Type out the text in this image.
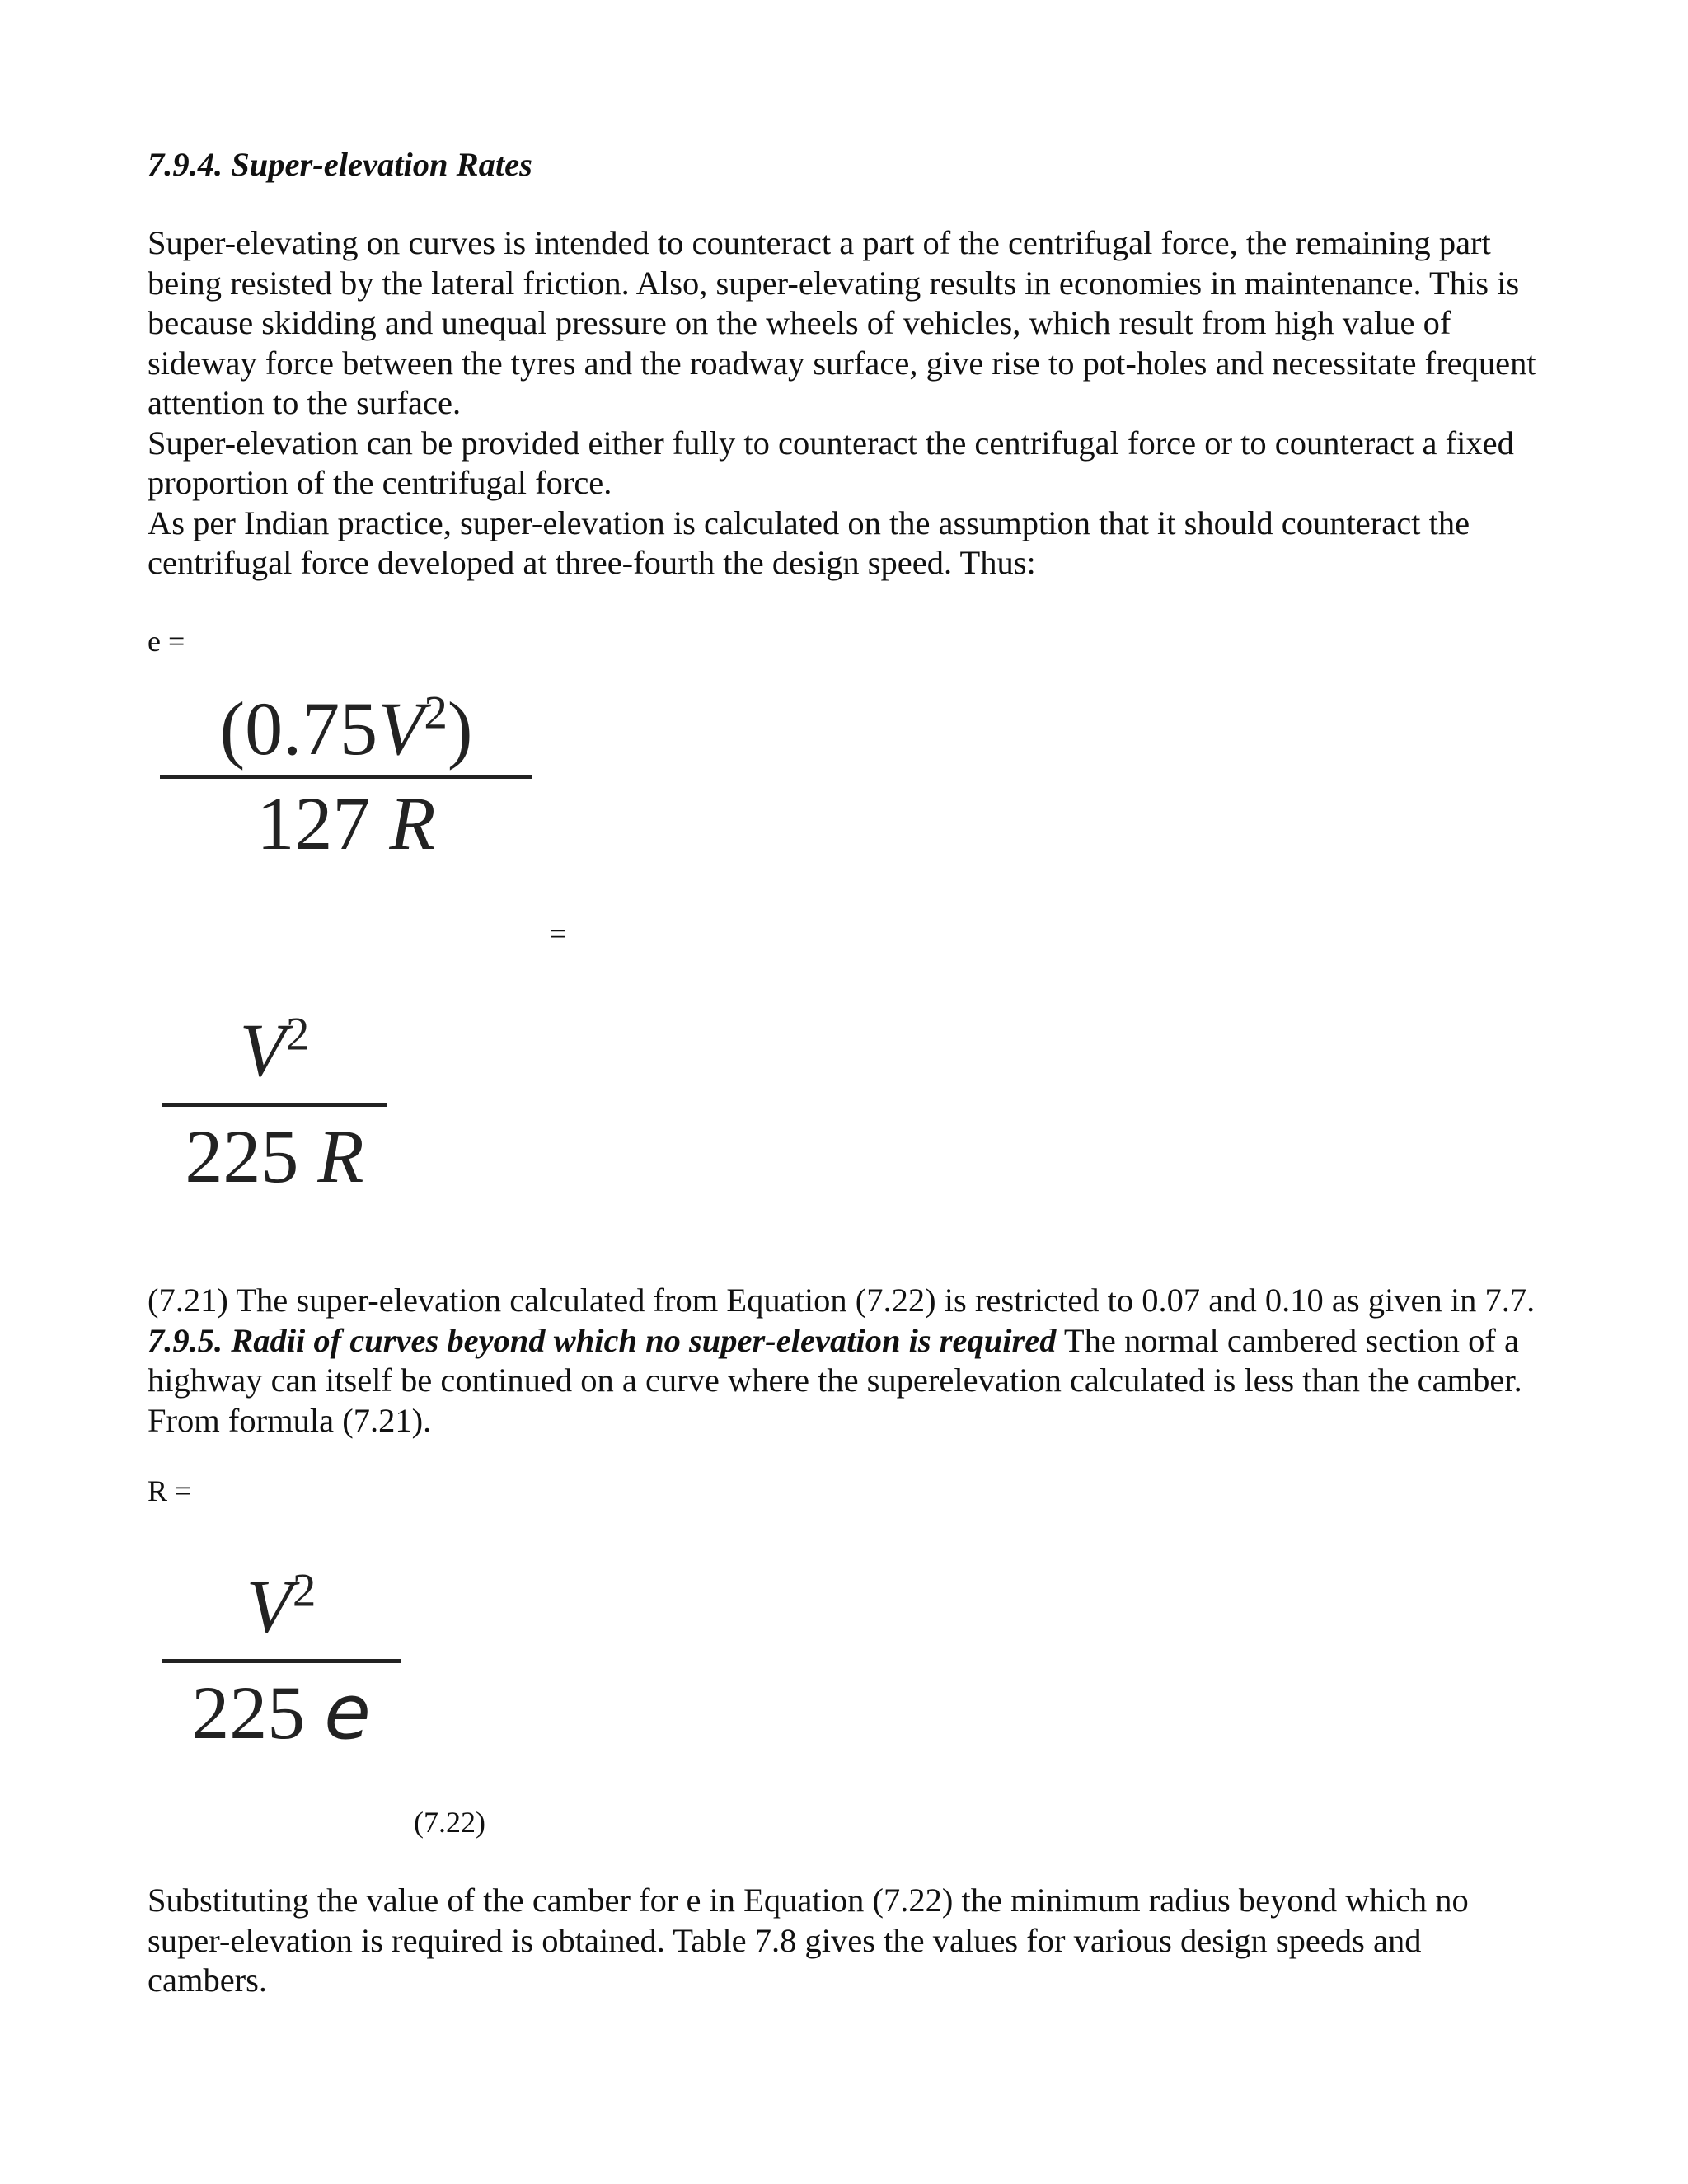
7.9.4. Super-elevation Rates
Super-elevating on curves is intended to counteract a part of the centrifugal force, the remaining part
being resisted by the lateral friction. Also, super-elevating results in economies in maintenance. This is
because skidding and unequal pressure on the wheels of vehicles, which result from high value of
sideway force between the tyres and the roadway surface, give rise to pot-holes and necessitate frequent
attention to the surface.
Super-elevation can be provided either fully to counteract the centrifugal force or to counteract a fixed
proportion of the centrifugal force.
As per Indian practice, super-elevation is calculated on the assumption that it should counteract the
centrifugal force developed at three-fourth the design speed. Thus:
e =
$(0.75V^2)$
127 R
=
$V^2$
225 R
(7.21) The super-elevation calculated from Equation (7.22) is restricted to 0.07 and 0.10 as given in 7.7.
7.9.5. Radii of curves beyond which no super-elevation is required The normal cambered section of a
highway can itself be continued on a curve where the superelevation calculated is less than the camber.
From formula (7.21).
R =
$V^2$
225 e
(7.22)
Substituting the value of the camber for e in Equation (7.22) the minimum radius beyond which no
super-elevation is required is obtained. Table 7.8 gives the values for various design speeds and
cambers.
